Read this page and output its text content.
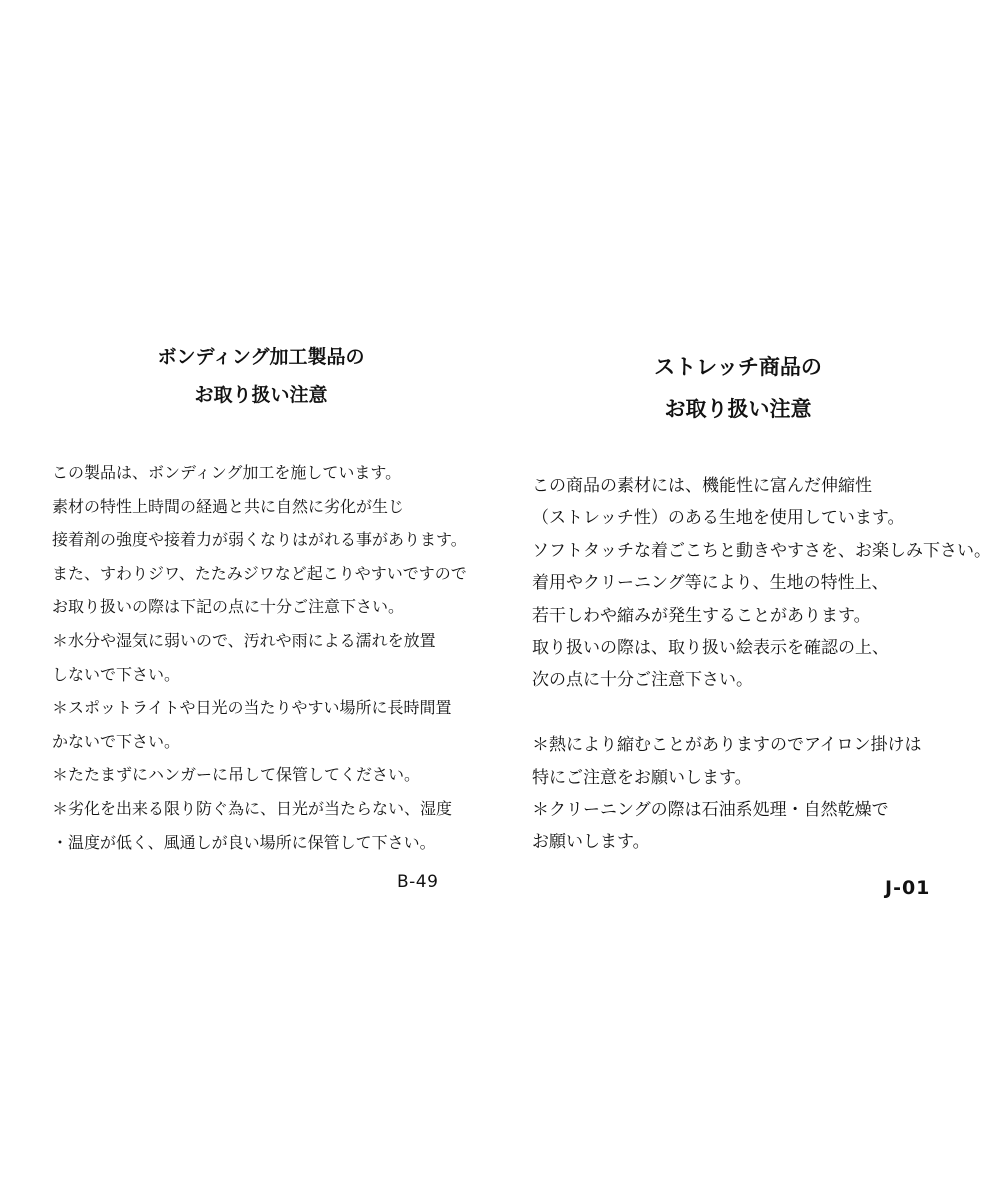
ボンディング加工製品の
お取り扱い注意
この製品は、ボンディング加工を施しています。
素材の特性上時間の経過と共に自然に劣化が生じ
接着剤の強度や接着力が弱くなりはがれる事があります。
また、すわりジワ、たたみジワなど起こりやすいですので
お取り扱いの際は下記の点に十分ご注意下さい。
＊水分や湿気に弱いので、汚れや雨による濡れを放置
しないで下さい。
＊スポットライトや日光の当たりやすい場所に長時間置
かないで下さい。
＊たたまずにハンガーに吊して保管してください。
＊劣化を出来る限り防ぐ為に、日光が当たらない、湿度
・温度が低く、風通しが良い場所に保管して下さい。
B-49
ストレッチ商品の
お取り扱い注意
この商品の素材には、機能性に富んだ伸縮性
（ストレッチ性）のある生地を使用しています。
ソフトタッチな着ごこちと動きやすさを、お楽しみ下さい。
着用やクリーニング等により、生地の特性上、
若干しわや縮みが発生することがあります。
取り扱いの際は、取り扱い絵表示を確認の上、
次の点に十分ご注意下さい。

＊熱により縮むことがありますのでアイロン掛けは
特にご注意をお願いします。
＊クリーニングの際は石油系処理・自然乾燥で
お願いします。
J-01
